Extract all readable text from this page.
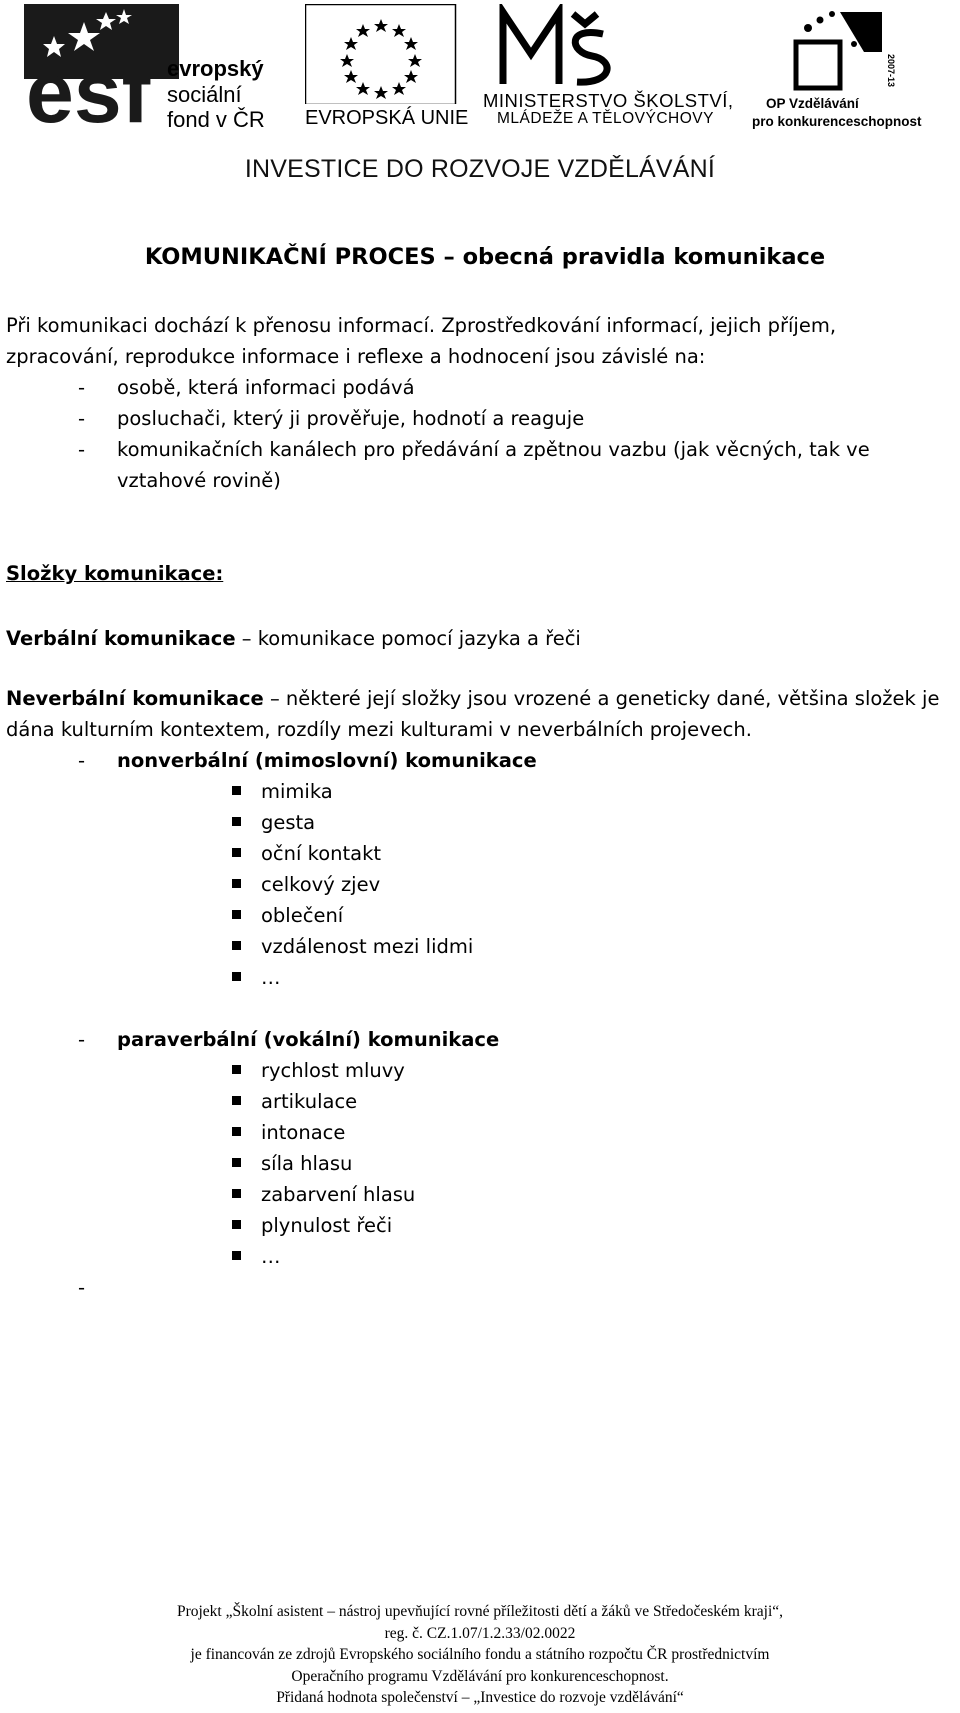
esf evropský
sociální
fond v ČR EVROPSKÁ UNIE
MINISTERSTVO ŠKOLSTVÍ,
MLÁDEŽE A TĚLOVÝCHOVY
2007-13
OP Vzdělávání
pro konkurenceschopnost
INVESTICE DO ROZVOJE VZDĚLÁVÁNÍ
KOMUNIKAČNÍ PROCES – obecná pravidla komunikace
Při komunikaci dochází k přenosu informací. Zprostředkování informací, jejich příjem,
zpracování, reprodukce informace i reflexe a hodnocení jsou závislé na:
- osobě, která informaci podává
- posluchači, který ji prověřuje, hodnotí a reaguje
- komunikačních kanálech pro předávání a zpětnou vazbu (jak věcných, tak ve vztahové rovině)
Složky komunikace:
Verbální komunikace – komunikace pomocí jazyka a řeči
Neverbální komunikace – některé její složky jsou vrozené a geneticky dané, většina složek je
dána kulturním kontextem, rozdíly mezi kulturami v neverbálních projevech.
- nonverbální (mimoslovní) komunikace
mimika
gesta
oční kontakt
celkový zjev
oblečení
vzdálenost mezi lidmi
…
- paraverbální (vokální) komunikace
rychlost mluvy
artikulace
intonace
síla hlasu
zabarvení hlasu
plynulost řeči
…
-
Projekt „Školní asistent – nástroj upevňující rovné příležitosti dětí a žáků ve Středočeském kraji“,
reg. č. CZ.1.07/1.2.33/02.0022
je financován ze zdrojů Evropského sociálního fondu a státního rozpočtu ČR prostřednictvím
Operačního programu Vzdělávání pro konkurenceschopnost.
Přidaná hodnota společenství – „Investice do rozvoje vzdělávání“
